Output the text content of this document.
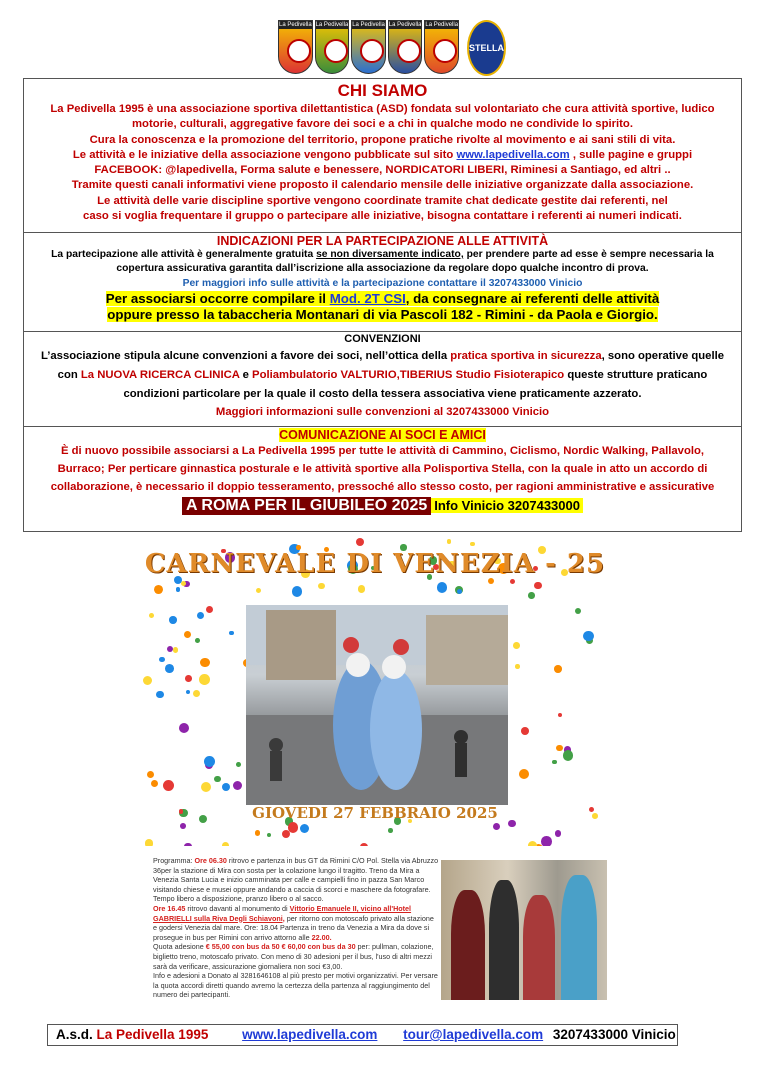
La Pedivella La Pedivella La Pedivella La Pedivella La Pedivella
STELLA
CHI SIAMO

La Pedivella 1995 è una associazione sportiva dilettantistica (ASD) fondata sul volontariato che cura attività sportive, ludico

motorie, culturali, aggregative favore dei soci e a chi in qualche modo ne condivide lo spirito.

Cura la conoscenza e la promozione del territorio, propone pratiche rivolte al movimento e ai sani stili di vita.

Le attività e le iniziative della associazione vengono pubblicate sul sito www.lapedivella.com , sulle pagine e gruppi

FACEBOOK: @lapedivella, Forma salute e benessere, NORDICATORI LIBERI, Riminesi a Santiago, ed altri ..

Tramite questi canali informativi viene proposto il calendario mensile delle iniziative organizzate dalla associazione.

Le attività delle varie discipline sportive vengono coordinate tramite chat dedicate gestite dai referenti, nel

caso si voglia frequentare il gruppo o partecipare alle iniziative, bisogna contattare i referenti ai numeri indicati.

INDICAZIONI PER LA PARTECIPAZIONE ALLE ATTIVITÀ

La partecipazione alle attività è generalmente gratuita se non diversamente indicato, per prendere parte ad esse è sempre necessaria la

copertura assicurativa garantita dall’iscrizione alla associazione da regolare dopo qualche incontro di prova.

Per maggiori info sulle attività e la partecipazione contattare il 3207433000 Vinicio

Per associarsi occorre compilare il Mod. 2T CSI, da consegnare ai referenti delle attività

oppure presso la tabaccheria Montanari di via Pascoli 182 - Rimini - da Paola e Giorgio.

CONVENZIONI

L’associazione stipula alcune convenzioni a favore dei soci, nell’ottica della pratica sportiva in sicurezza, sono operative quelle

con La NUOVA RICERCA CLINICA e Poliambulatorio VALTURIO,TIBERIUS Studio Fisioterapico queste strutture praticano

condizioni particolare per la quale il costo della tessera associativa viene praticamente azzerato.

Maggiori informazioni sulle convenzioni al 3207433000 Vinicio

COMUNICAZIONE AI SOCI E AMICI

È di nuovo possibile associarsi a La Pedivella 1995 per tutte le attività di Cammino, Ciclismo, Nordic Walking, Pallavolo,

Burraco; Per perticare ginnastica posturale e le attività sportive alla Polisportiva Stella, con la quale in atto un accordo di

collaborazione, è necessario il doppio tesseramento, pressoché allo stesso costo, per ragioni amministrative e assicurative

A ROMA PER IL GIUBILEO 2025 Info Vinicio 3207433000
CARNEVALE DI VENEZIA - 25
GIOVEDI 27 FEBBRAIO 2025
Programma: Ore 06.30 ritrovo e partenza in bus GT da Rimini C/O Pol. Stella via Abruzzo 36per la stazione di Mira con sosta per la colazione lungo il tragitto. Treno da Mira a Venezia Santa Lucia e inizio camminata per calle e campielli fino in pazza San Marco visitando chiese e musei oppure andando a caccia di scorci e maschere da fotografare. Tempo libero a disposizione, pranzo libero o al sacco.
Ore 16.45 ritrovo davanti al monumento di Vittorio Emanuele II, vicino all'Hotel GABRIELLI sulla Riva Degli Schiavoni, per ritorno con motoscafo privato alla stazione e godersi Venezia dal mare. Ore: 18.04 Partenza in treno da Venezia a Mira da dove si prosegue in bus per Rimini con arrivo attorno alle 22.00.
Quota adesione € 55,00 con bus da 50 € 60,00 con bus da 30 per: pullman, colazione, biglietto treno, motoscafo privato. Con meno di 30 adesioni per il bus, l'uso di altri mezzi sarà da verificare, assicurazione giornaliera non soci €3,00.
Info e adesioni a Donato al 3281646108 al più presto per motivi organizzativi. Per versare la quota accordi diretti quando avremo la certezza della partenza al raggiungimento del numero dei partecipanti.
A.s.d. La Pedivella 1995	www.lapedivella.com tour@lapedivella.com 3207433000 Vinicio
